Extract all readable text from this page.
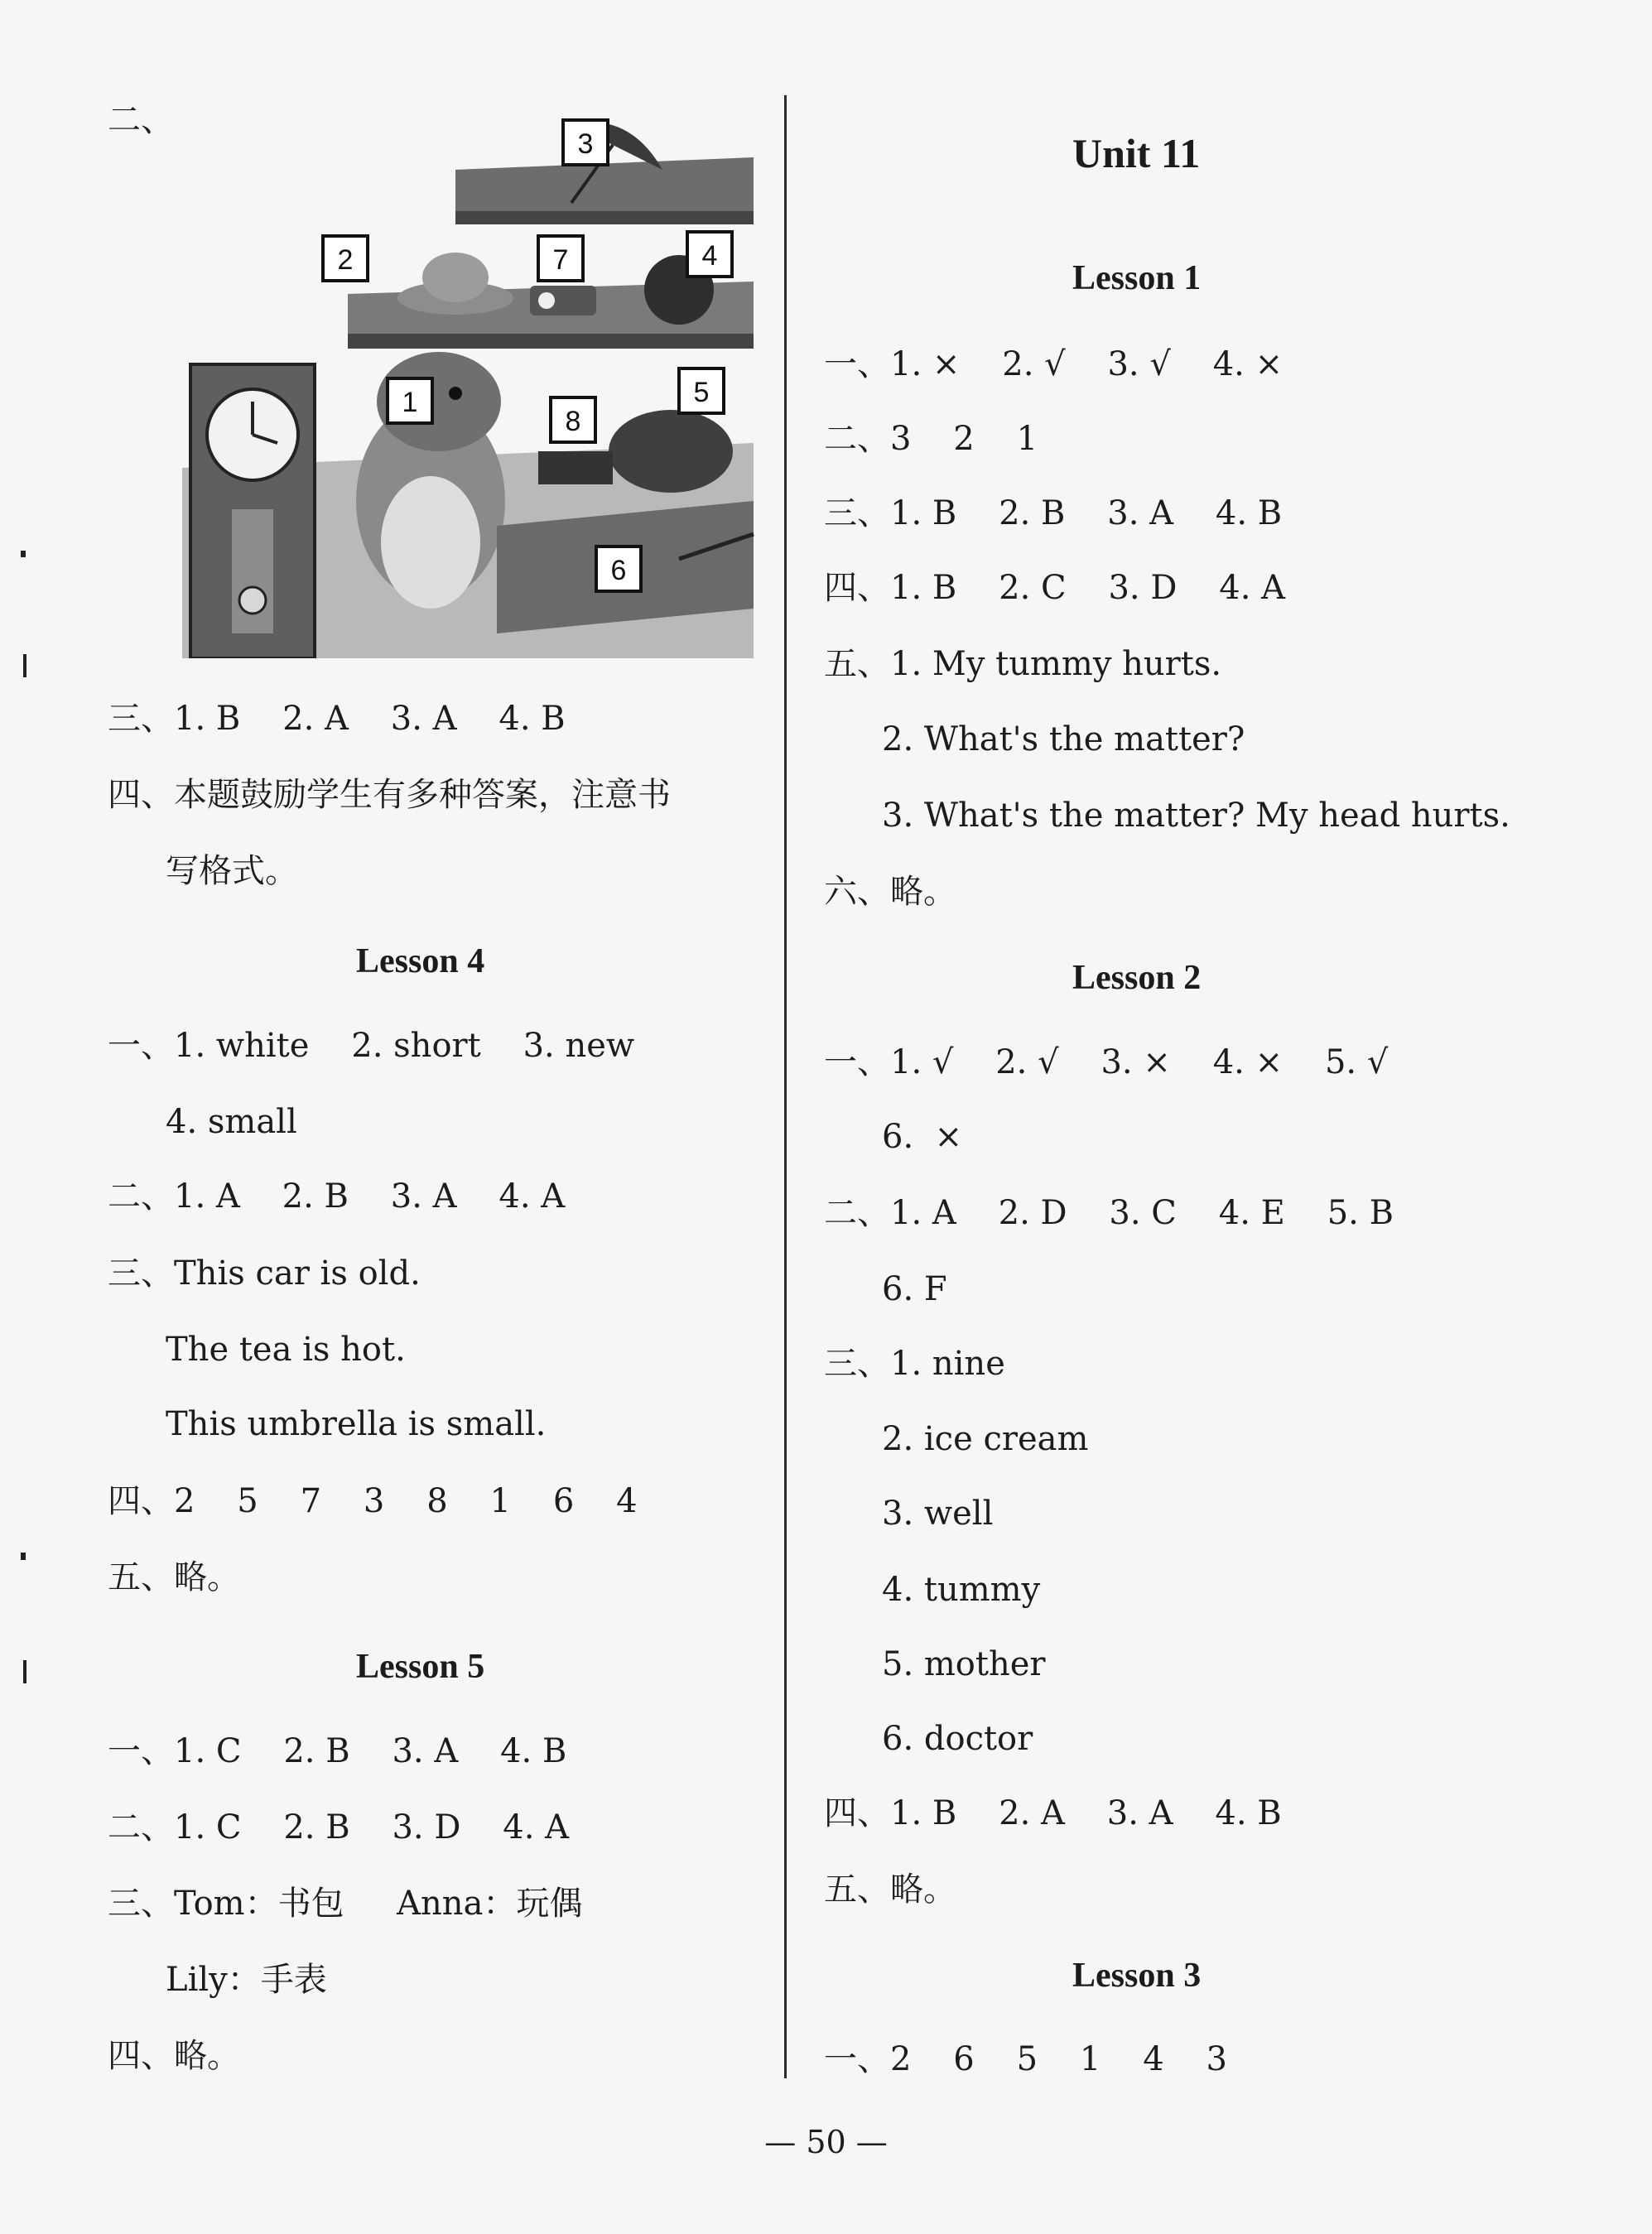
二、
3
2	7	4
1
8
5
6
三、1. B    2. A    3. A    4. B
四、本题鼓励学生有多种答案，注意书
写格式。
Lesson 4
一、1. white    2. short    3. new
4. small
二、1. A    2. B    3. A    4. A
三、This car is old.
The tea is hot.
This umbrella is small.
四、2    5    7    3    8    1    6    4
五、略。
Lesson 5
一、1. C    2. B    3. A    4. B
二、1. C    2. B    3. D    4. A
三、Tom：书包     Anna：玩偶
Lily：手表
四、略。
Unit 11
Lesson 1
一、1. ×    2. √    3. √    4. ×
二、3    2    1
三、1. B    2. B    3. A    4. B
四、1. B    2. C    3. D    4. A
五、1. My tummy hurts.
2. What's the matter?
3. What's the matter? My head hurts.
六、略。
Lesson 2
一、1. √    2. √    3. ×    4. ×    5. √
6.  ×
二、1. A    2. D    3. C    4. E    5. B
6. F
三、1. nine
2. ice cream
3. well
4. tummy
5. mother
6. doctor
四、1. B    2. A    3. A    4. B
五、略。
Lesson 3
一、2    6    5    1    4    3
— 50 —
